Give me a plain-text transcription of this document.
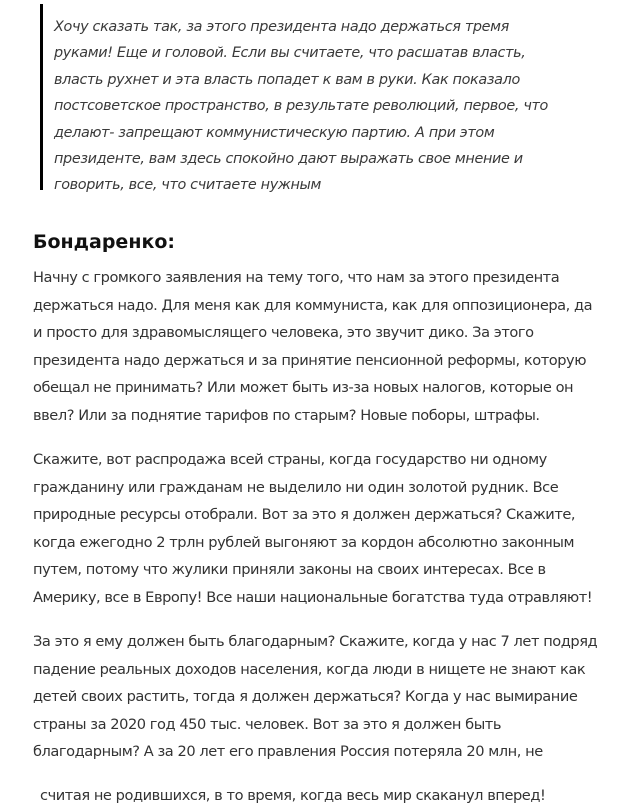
Хочу сказать так, за этого президента надо держаться тремя
руками! Еще и головой. Если вы считаете, что расшатав власть,
власть рухнет и эта власть попадет к вам в руки. Как показало
постсоветское пространство, в результате революций, первое, что
делают- запрещают коммунистическую партию. А при этом
президенте, вам здесь спокойно дают выражать свое мнение и
говорить, все, что считаете нужным

Бондаренко:

Начну с громкого заявления на тему того, что нам за этого президента
держаться надо. Для меня как для коммуниста, как для оппозиционера, да
и просто для здравомыслящего человека, это звучит дико. За этого
президента надо держаться и за принятие пенсионной реформы, которую
обещал не принимать? Или может быть из-за новых налогов, которые он
ввел? Или за поднятие тарифов по старым? Новые поборы, штрафы.

Скажите, вот распродажа всей страны, когда государство ни одному
гражданину или гражданам не выделило ни один золотой рудник. Все
природные ресурсы отобрали. Вот за это я должен держаться? Скажите,
когда ежегодно 2 трлн рублей выгоняют за кордон абсолютно законным
путем, потому что жулики приняли законы на своих интересах. Все в
Америку, все в Европу! Все наши национальные богатства туда отравляют!

За это я ему должен быть благодарным? Скажите, когда у нас 7 лет подряд
падение реальных доходов населения, когда люди в нищете не знают как
детей своих растить, тогда я должен держаться? Когда у нас вымирание
страны за 2020 год 450 тыс. человек. Вот за это я должен быть
благодарным? А за 20 лет его правления Россия потеряла 20 млн, не

считая не родившихся, в то время, когда весь мир скаканул вперед!
